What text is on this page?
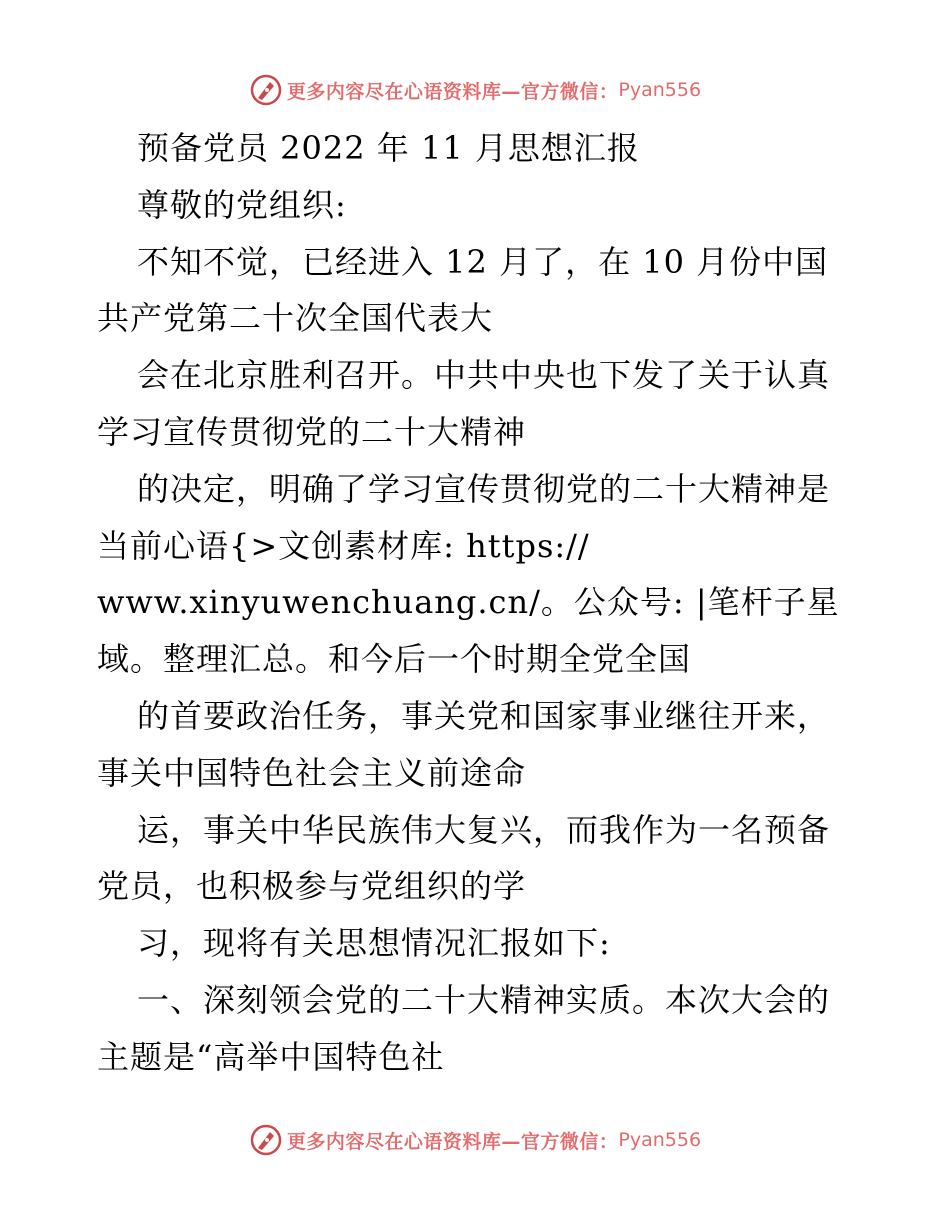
更多内容尽在心语资料库—官方微信： Pyan556
预备党员 2022 年 11 月思想汇报
尊敬的党组织:
不知不觉，已经进入 12 月了，在 10 月份中国
共产党第二十次全国代表大
会在北京胜利召开。中共中央也下发了关于认真
学习宣传贯彻党的二十大精神
的决定，明确了学习宣传贯彻党的二十大精神是
当前心语{>文创素材库: https://
www.xinyuwenchuang.cn/。公众号: |笔杆子星
域。整理汇总。和今后一个时期全党全国
的首要政治任务，事关党和国家事业继往开来，
事关中国特色社会主义前途命
运，事关中华民族伟大复兴，而我作为一名预备
党员，也积极参与党组织的学
习，现将有关思想情况汇报如下:
一、深刻领会党的二十大精神实质。本次大会的
主题是“高举中国特色社
更多内容尽在心语资料库—官方微信： Pyan556
